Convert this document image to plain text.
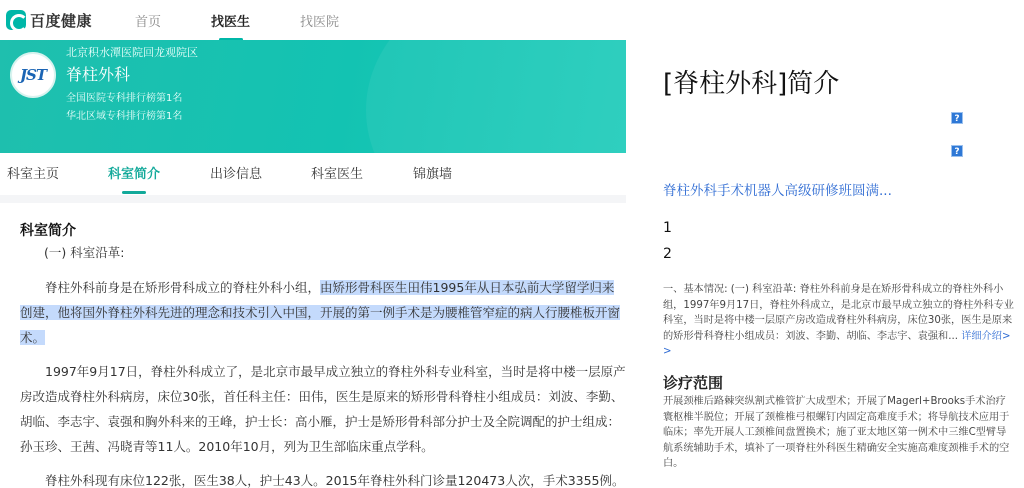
百度健康	首页	找医生	找医院
JST
北京积水潭医院回龙观院区
脊柱外科
全国医院专科排行榜第1名
华北区域专科排行榜第1名
科室主页	科室简介	出诊信息	科室医生	锦旗墙
科室简介
(一) 科室沿革:

脊柱外科前身是在矫形骨科成立的脊柱外科小组，由矫形骨科医生田伟1995年从日本弘前大学留学归来创建，他将国外脊柱外科先进的理念和技术引入中国，开展的第一例手术是为腰椎管窄症的病人行腰椎板开窗术。

1997年9月17日，脊柱外科成立了，是北京市最早成立独立的脊柱外科专业科室，当时是将中楼一层原产房改造成脊柱外科病房，床位30张，首任科主任：田伟，医生是原来的矫形骨科脊柱小组成员：刘波、李勤、胡临、李志宇、袁强和胸外科来的王峰，护士长：高小雁，护士是矫形骨科部分护士及全院调配的护士组成：孙玉珍、王茜、冯晓青等11人。2010年10月，列为卫生部临床重点学科。

脊柱外科现有床位122张，医生38人，护士43人。2015年脊柱外科门诊量120473人次，手术3355例。

[脊柱外科]简介
?
?
脊柱外科手术机器人高级研修班圆满...
1
2
一、基本情况: (一) 科室沿革: 脊柱外科前身是在矫形骨科成立的脊柱外科小组，1997年9月17日，脊柱外科成立，是北京市最早成立独立的脊柱外科专业科室，当时是将中楼一层原产房改造成脊柱外科病房，床位30张，医生是原来的矫形骨科脊柱小组成员：刘波、李勤、胡临、李志宇、袁强和... 详细介绍>>
诊疗范围
开展颈椎后路棘突纵割式椎管扩大成型术；开展了Magerl+Brooks手术治疗寰枢椎半脱位；开展了颈椎椎弓根螺钉内固定高难度手术；将导航技术应用于临床；率先开展人工颈椎间盘置换术；施了亚太地区第一例术中三维C型臂导航系统辅助手术，填补了一项脊柱外科医生精确安全实施高难度颈椎手术的空白。
